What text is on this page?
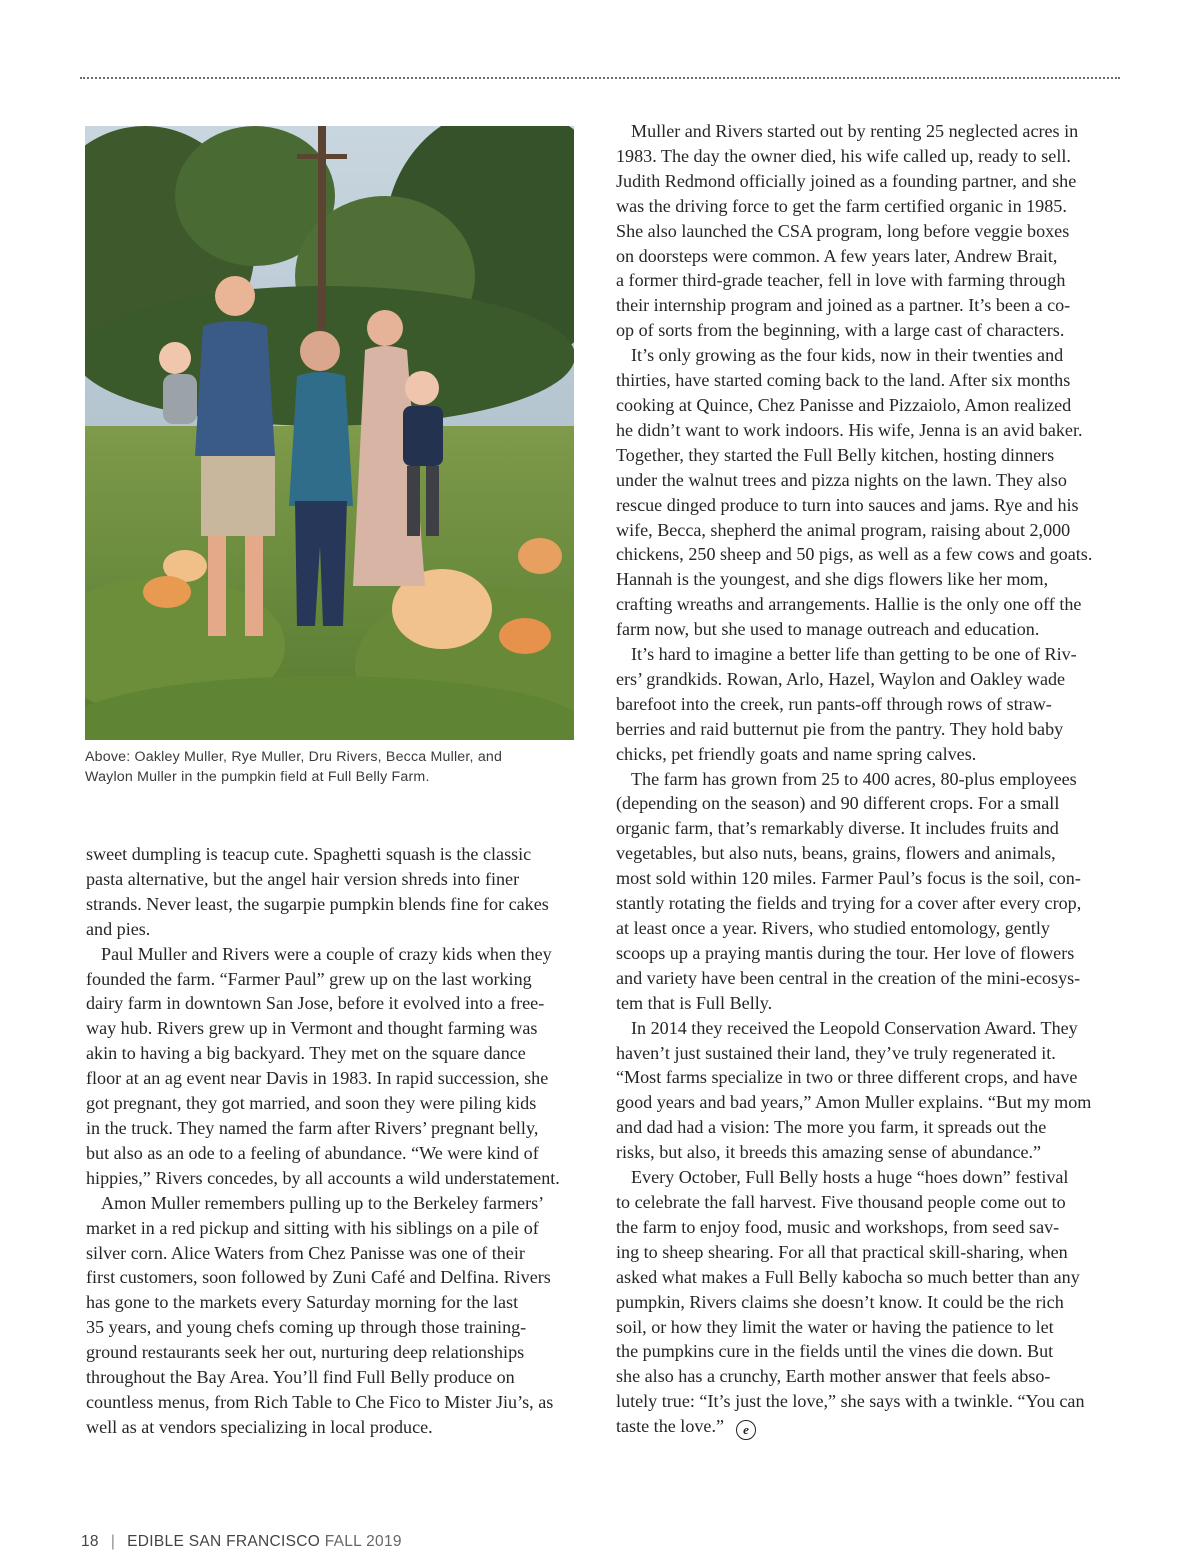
Above: Oakley Muller, Rye Muller, Dru Rivers, Becca Muller, and
Waylon Muller in the pumpkin field at Full Belly Farm.
sweet dumpling is teacup cute. Spaghetti squash is the classic
pasta alternative, but the angel hair version shreds into finer
strands. Never least, the sugarpie pumpkin blends fine for cakes
and pies.
Paul Muller and Rivers were a couple of crazy kids when they
founded the farm. “Farmer Paul” grew up on the last working
dairy farm in downtown San Jose, before it evolved into a free-
way hub. Rivers grew up in Vermont and thought farming was
akin to having a big backyard. They met on the square dance
floor at an ag event near Davis in 1983. In rapid succession, she
got pregnant, they got married, and soon they were piling kids
in the truck. They named the farm after Rivers’ pregnant belly,
but also as an ode to a feeling of abundance. “We were kind of
hippies,” Rivers concedes, by all accounts a wild understatement.
Amon Muller remembers pulling up to the Berkeley farmers’
market in a red pickup and sitting with his siblings on a pile of
silver corn. Alice Waters from Chez Panisse was one of their
first customers, soon followed by Zuni Café and Delfina. Rivers
has gone to the markets every Saturday morning for the last
35 years, and young chefs coming up through those training-
ground restaurants seek her out, nurturing deep relationships
throughout the Bay Area. You’ll find Full Belly produce on
countless menus, from Rich Table to Che Fico to Mister Jiu’s, as
well as at vendors specializing in local produce.
Muller and Rivers started out by renting 25 neglected acres in
1983. The day the owner died, his wife called up, ready to sell.
Judith Redmond officially joined as a founding partner, and she
was the driving force to get the farm certified organic in 1985.
She also launched the CSA program, long before veggie boxes
on doorsteps were common. A few years later, Andrew Brait,
a former third-grade teacher, fell in love with farming through
their internship program and joined as a partner. It’s been a co-
op of sorts from the beginning, with a large cast of characters.
It’s only growing as the four kids, now in their twenties and
thirties, have started coming back to the land. After six months
cooking at Quince, Chez Panisse and Pizzaiolo, Amon realized
he didn’t want to work indoors. His wife, Jenna is an avid baker.
Together, they started the Full Belly kitchen, hosting dinners
under the walnut trees and pizza nights on the lawn. They also
rescue dinged produce to turn into sauces and jams. Rye and his
wife, Becca, shepherd the animal program, raising about 2,000
chickens, 250 sheep and 50 pigs, as well as a few cows and goats.
Hannah is the youngest, and she digs flowers like her mom,
crafting wreaths and arrangements. Hallie is the only one off the
farm now, but she used to manage outreach and education.
It’s hard to imagine a better life than getting to be one of Riv-
ers’ grandkids. Rowan, Arlo, Hazel, Waylon and Oakley wade
barefoot into the creek, run pants-off through rows of straw-
berries and raid butternut pie from the pantry. They hold baby
chicks, pet friendly goats and name spring calves.
The farm has grown from 25 to 400 acres, 80-plus employees
(depending on the season) and 90 different crops. For a small
organic farm, that’s remarkably diverse. It includes fruits and
vegetables, but also nuts, beans, grains, flowers and animals,
most sold within 120 miles. Farmer Paul’s focus is the soil, con-
stantly rotating the fields and trying for a cover after every crop,
at least once a year. Rivers, who studied entomology, gently
scoops up a praying mantis during the tour. Her love of flowers
and variety have been central in the creation of the mini-ecosys-
tem that is Full Belly.
In 2014 they received the Leopold Conservation Award. They
haven’t just sustained their land, they’ve truly regenerated it.
“Most farms specialize in two or three different crops, and have
good years and bad years,” Amon Muller explains. “But my mom
and dad had a vision: The more you farm, it spreads out the
risks, but also, it breeds this amazing sense of abundance.”
Every October, Full Belly hosts a huge “hoes down” festival
to celebrate the fall harvest. Five thousand people come out to
the farm to enjoy food, music and workshops, from seed sav-
ing to sheep shearing. For all that practical skill-sharing, when
asked what makes a Full Belly kabocha so much better than any
pumpkin, Rivers claims she doesn’t know. It could be the rich
soil, or how they limit the water or having the patience to let
the pumpkins cure in the fields until the vines die down. But
she also has a crunchy, Earth mother answer that feels abso-
lutely true: “It’s just the love,” she says with a twinkle. “You can
taste the love.” e
18 | EDIBLE SAN FRANCISCO FALL 2019
